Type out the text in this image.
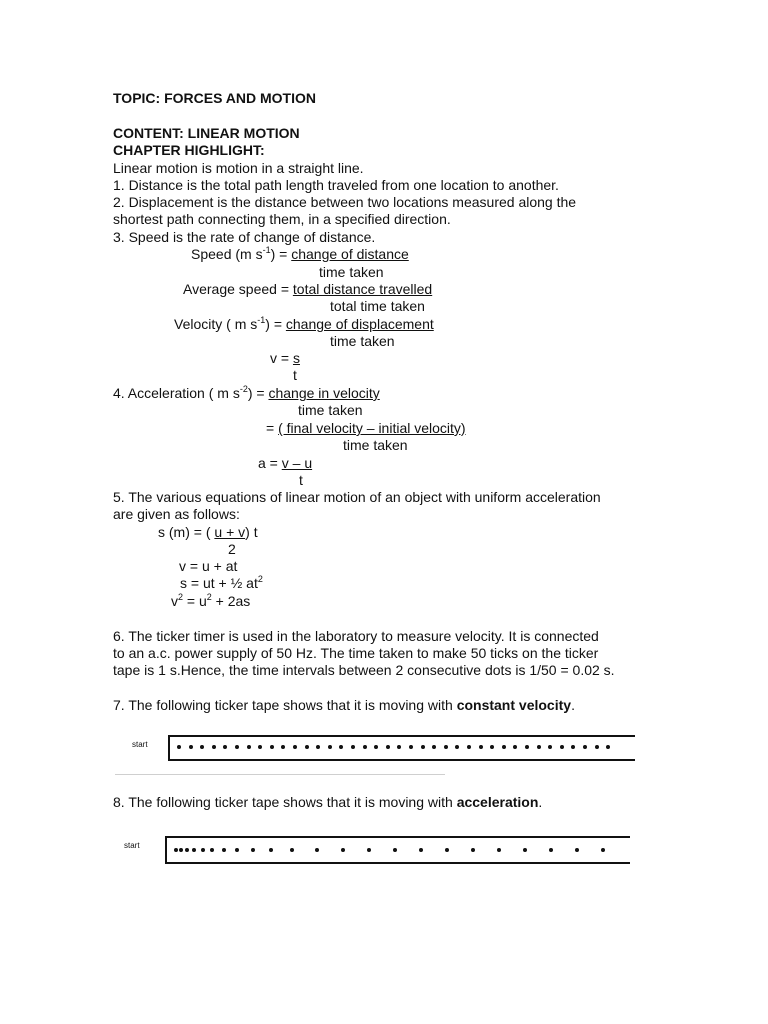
TOPIC: FORCES AND MOTION
CONTENT: LINEAR MOTION
CHAPTER HIGHLIGHT:
Linear motion is motion in a straight line.
1. Distance is the total path length traveled from one location to another.
2. Displacement is the distance between two locations measured along the
shortest path connecting them, in a specified direction.
3. Speed is the rate of change of distance.
Speed (m $s^{-1}$) = change of distance
time taken
Average speed = total distance travelled
total time taken
Velocity ( m $s^{-1}$) = change of displacement
time taken
v = s
t
4. Acceleration ( m $s^{-2}$) = change in velocity
time taken
= ( final velocity – initial velocity)
time taken
a = v – u
t
5. The various equations of linear motion of an object with uniform acceleration
are given as follows:
s (m) = ( u + v) t
2
v = u + at
s = ut + ½ $at^2$
$v^2 = u^2 + 2as$
6. The ticker timer is used in the laboratory to measure velocity. It is connected
to an a.c. power supply of 50 Hz. The time taken to make 50 ticks on the ticker
tape is 1 s.Hence, the time intervals between 2 consecutive dots is 1/50 = 0.02 s.
7. The following ticker tape shows that it is moving with constant velocity.
start
8. The following ticker tape shows that it is moving with acceleration.
start
